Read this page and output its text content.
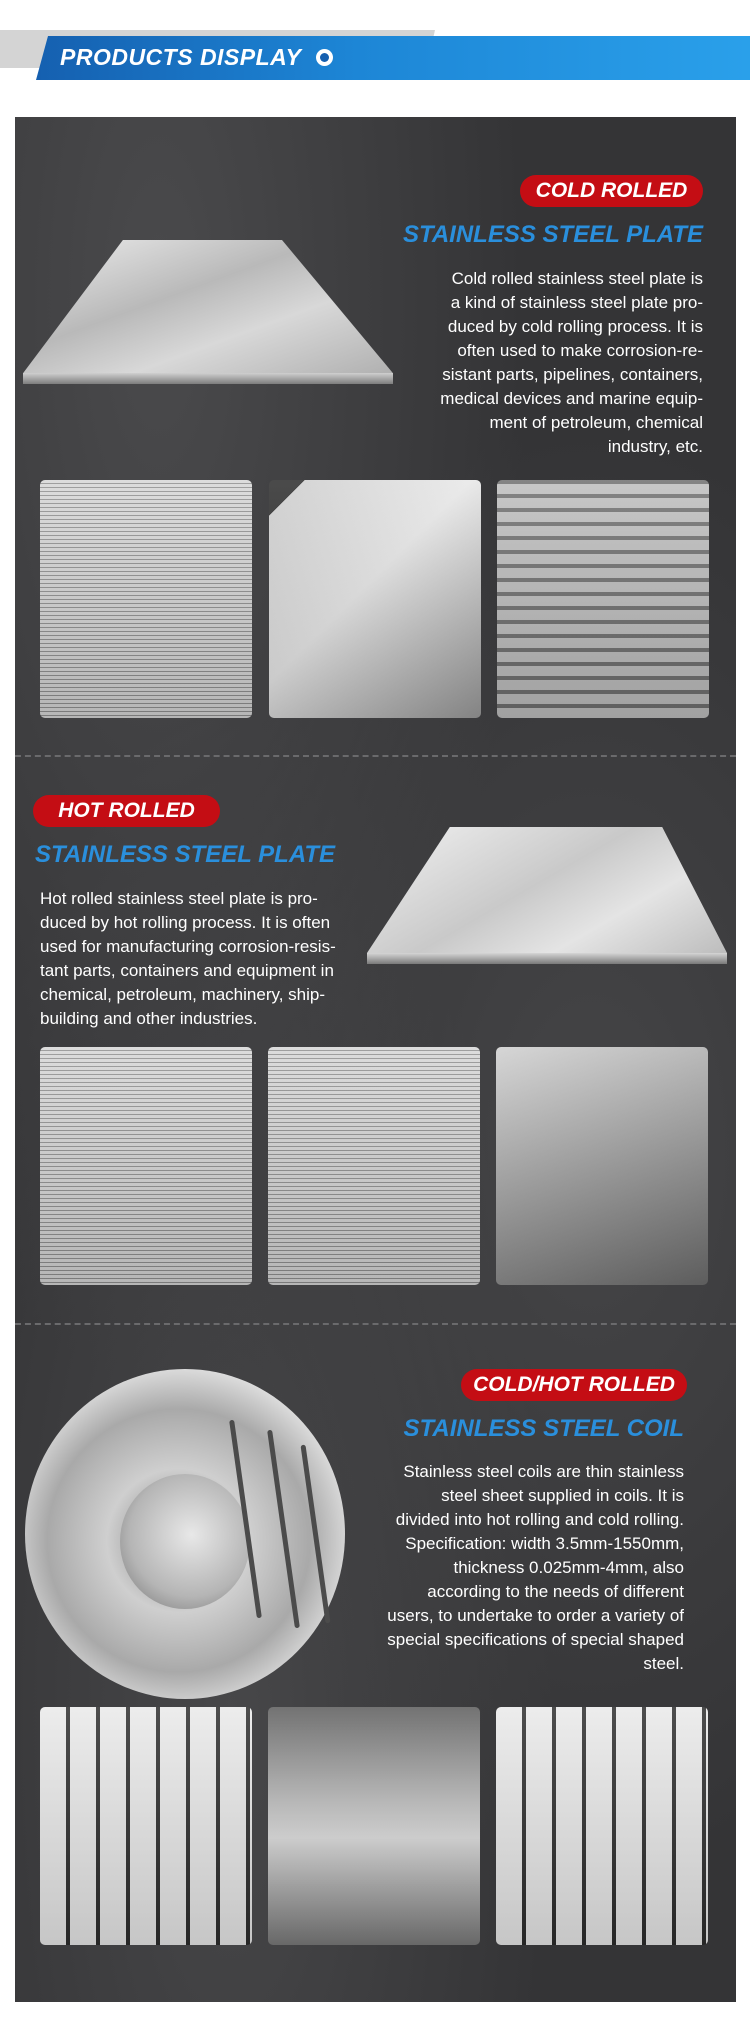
PRODUCTS DISPLAY
COLD ROLLED
STAINLESS STEEL PLATE
Cold rolled stainless steel plate is
a kind of stainless steel plate pro-
duced by cold rolling process. It is
often used to make corrosion-re-
sistant parts, pipelines, containers,
medical devices and marine equip-
ment of petroleum, chemical
industry, etc.
HOT ROLLED
STAINLESS STEEL PLATE
Hot rolled stainless steel plate is pro-
duced by hot rolling process. It is often
used for manufacturing corrosion-resis-
tant parts, containers and equipment in
chemical, petroleum, machinery, ship-
building and other industries.
COLD/HOT ROLLED
STAINLESS STEEL COIL
Stainless steel coils are thin stainless
steel sheet supplied in coils. It is
divided into hot rolling and cold rolling.
Specification: width 3.5mm-1550mm,
thickness 0.025mm-4mm, also
according to the needs of different
users, to undertake to order a variety of
special specifications of special shaped
steel.
